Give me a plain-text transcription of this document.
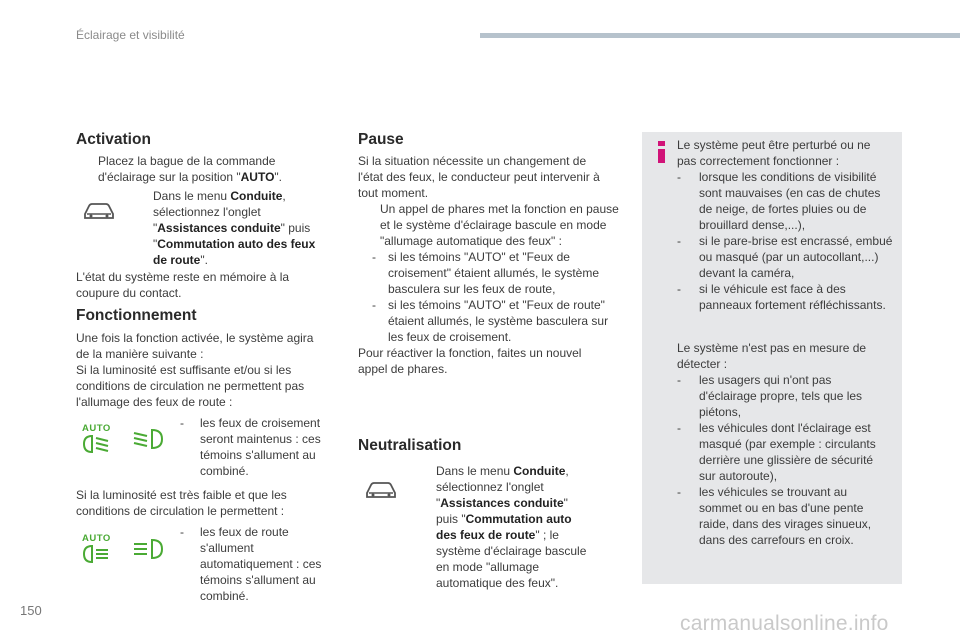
Éclairage et visibilité
Activation
Placez la bague de la commande d'éclairage sur la position "AUTO".
Dans le menu Conduite, sélectionnez l'onglet "Assistances conduite" puis "Commutation auto des feux de route".
L'état du système reste en mémoire à la coupure du contact.
Fonctionnement
Une fois la fonction activée, le système agira de la manière suivante :
Si la luminosité est suffisante et/ou si les conditions de circulation ne permettent pas l'allumage des feux de route :
AUTO	-	les feux de croisement seront maintenus : ces témoins s'allument au combiné.
Si la luminosité est très faible et que les conditions de circulation le permettent :
AUTO	-	les feux de route s'allument automatiquement : ces témoins s'allument au combiné.
Pause
Si la situation nécessite un changement de l'état des feux, le conducteur peut intervenir à tout moment.
Un appel de phares met la fonction en pause et le système d'éclairage bascule en mode "allumage automatique des feux" :
-	si les témoins "AUTO" et "Feux de croisement" étaient allumés, le système basculera sur les feux de route,
-	si les témoins "AUTO" et "Feux de route" étaient allumés, le système basculera sur les feux de croisement.
Pour réactiver la fonction, faites un nouvel appel de phares.
Neutralisation
Dans le menu Conduite, sélectionnez l'onglet "Assistances conduite" puis "Commutation auto des feux de route" ; le système d'éclairage bascule en mode "allumage automatique des feux".
Le système peut être perturbé ou ne pas correctement fonctionner :
-	lorsque les conditions de visibilité sont mauvaises (en cas de chutes de neige, de fortes pluies ou de brouillard dense,...),
-	si le pare-brise est encrassé, embué ou masqué (par un autocollant,...) devant la caméra,
-	si le véhicule est face à des panneaux fortement réfléchissants.
Le système n'est pas en mesure de détecter :
-	les usagers qui n'ont pas d'éclairage propre, tels que les piétons,
-	les véhicules dont l'éclairage est masqué (par exemple : circulants derrière une glissière de sécurité sur autoroute),
-	les véhicules se trouvant au sommet ou en bas d'une pente raide, dans des virages sinueux, dans des carrefours en croix.
150
carmanualsonline.info
